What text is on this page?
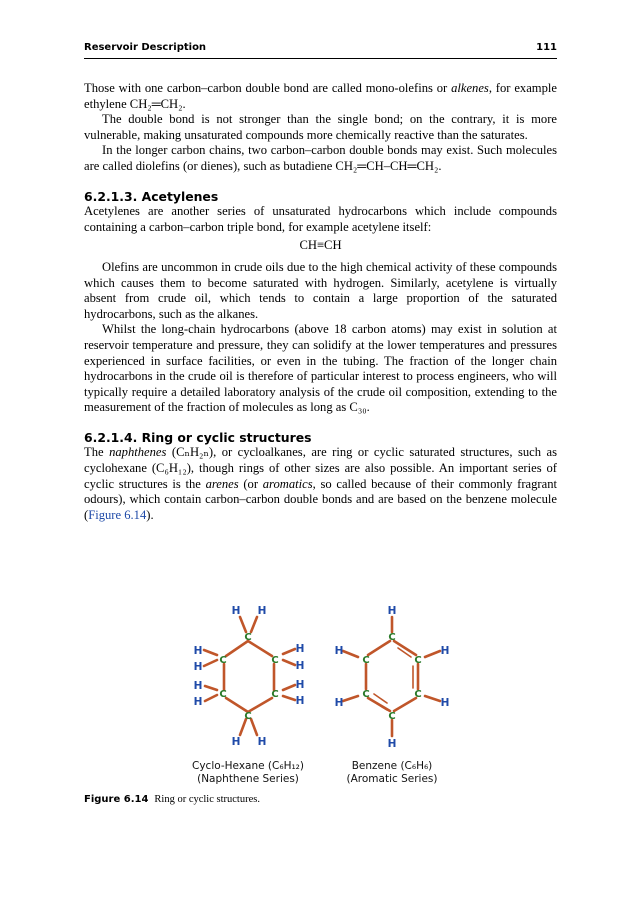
Reservoir Description	111

Those with one carbon–carbon double bond are called mono-olefins or alkenes, for example ethylene CH₂═CH₂.

The double bond is not stronger than the single bond; on the contrary, it is more vulnerable, making unsaturated compounds more chemically reactive than the saturates.

In the longer carbon chains, two carbon–carbon double bonds may exist. Such molecules are called diolefins (or dienes), such as butadiene CH₂═CH–CH═CH₂.

6.2.1.3. Acetylenes

Acetylenes are another series of unsaturated hydrocarbons which include compounds containing a carbon–carbon triple bond, for example acetylene itself:

CH≡CH

Olefins are uncommon in crude oils due to the high chemical activity of these compounds which causes them to become saturated with hydrogen. Similarly, acetylene is virtually absent from crude oil, which tends to contain a large proportion of the saturated hydrocarbons, such as the alkanes.

Whilst the long-chain hydrocarbons (above 18 carbon atoms) may exist in solution at reservoir temperature and pressure, they can solidify at the lower temperatures and pressures experienced in surface facilities, or even in the tubing. The fraction of the longer chain hydrocarbons in the crude oil is therefore of particular interest to process engineers, who will typically require a detailed laboratory analysis of the crude oil composition, extending to the measurement of the fraction of molecules as long as C₃₀.

6.2.1.4. Ring or cyclic structures

The naphthenes (CₙH₂ₙ), or cycloalkanes, are ring or cyclic saturated structures, such as cyclohexane (C₆H₁₂), though rings of other sizes are also possible. An important series of cyclic structures is the arenes (or aromatics, so called because of their commonly fragrant odours), which contain carbon–carbon double bonds and are based on the benzene molecule (Figure 6.14).

C
C	C
C	C
C
C
C	C
C	C
C
H H
H
H
H
H
H
H
H
H
H H
H
H	H
H	H
H
Cyclo-Hexane (C₆H₁₂)
(Naphthene Series)
Benzene (C₆H₆)
(Aromatic Series)
Figure 6.14 Ring or cyclic structures.
